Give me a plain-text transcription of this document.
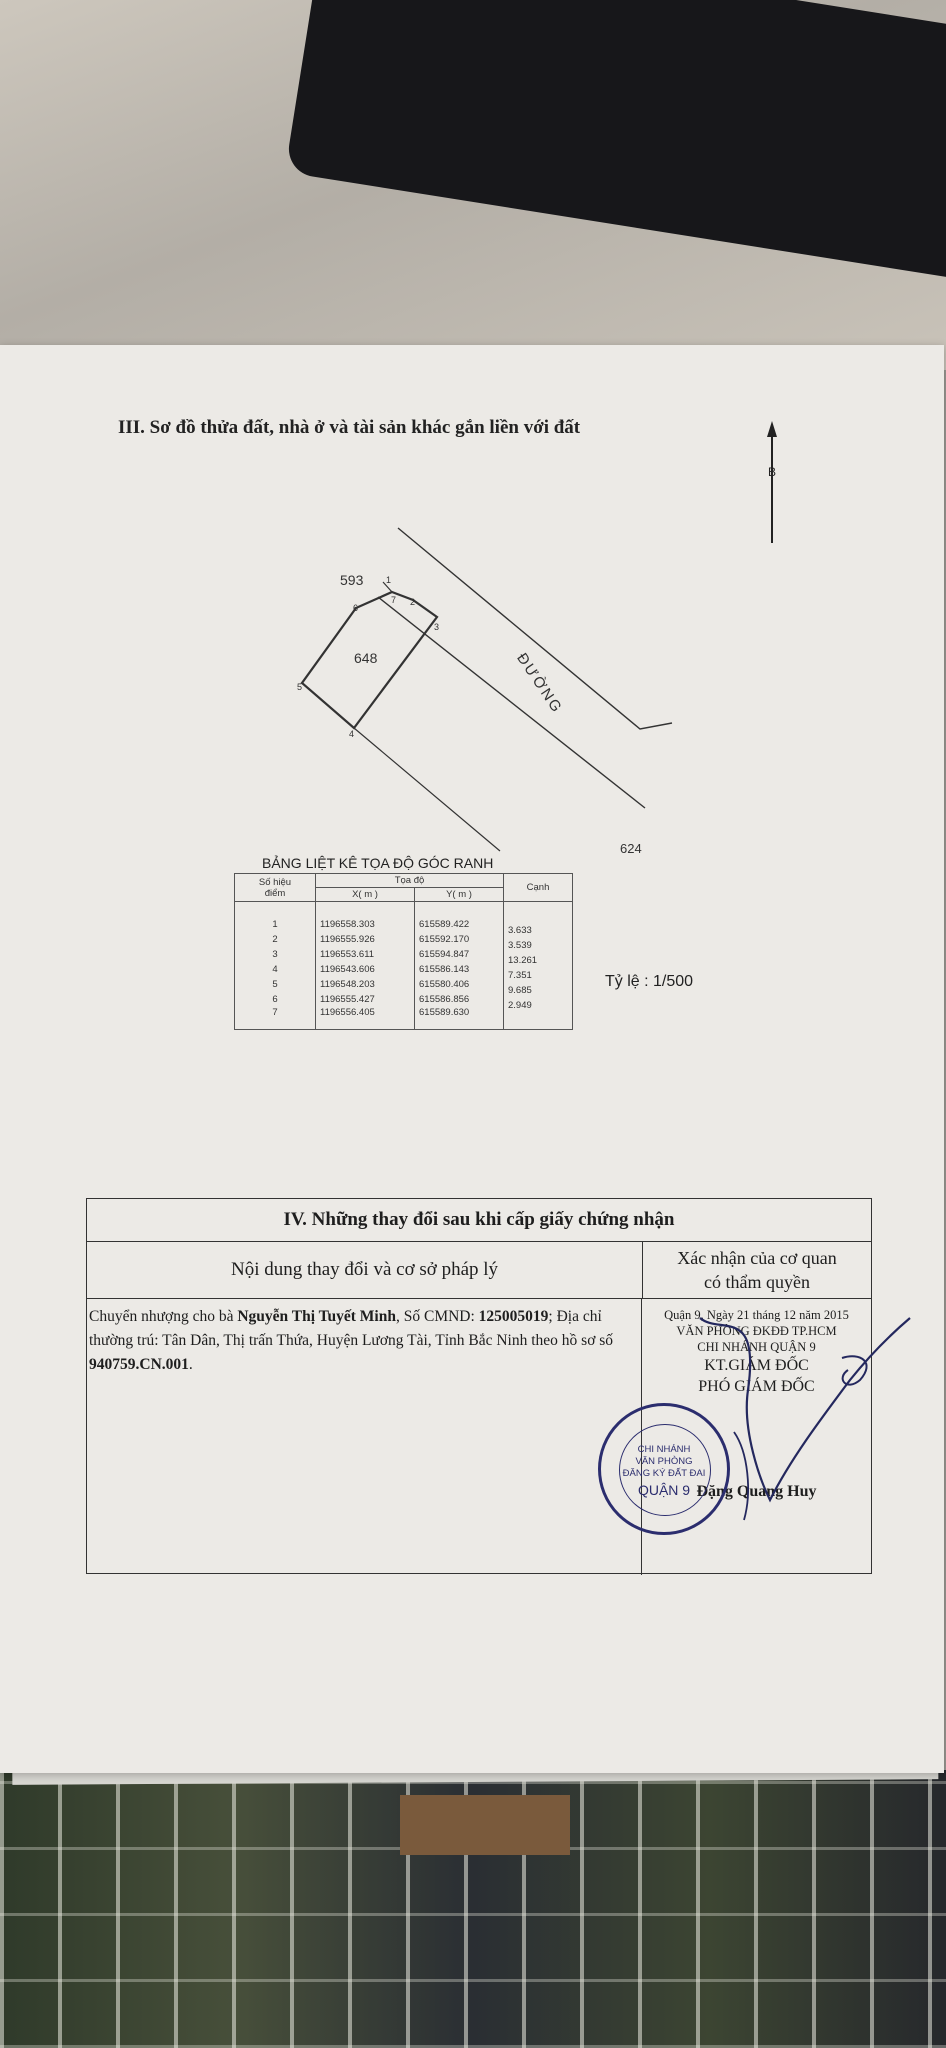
III. Sơ đồ thửa đất, nhà ở và tài sản khác gắn liền với đất
593
648
624
1
2
3
4
5
6
7
B
ĐƯỜNG
BẢNG LIỆT KÊ TỌA ĐỘ GÓC RANH
Số hiệu
điểm	Tọa độ		Cạnh
	X( m )	Y( m )	

1	1196558.303	615589.422	3.633

2	1196555.926	615592.170	3.539

3	1196553.611	615594.847	13.261

4	1196543.606	615586.143	7.351

5	1196548.203	615580.406	9.685

6	1196555.427	615586.856	2.949

7	1196556.405	615589.630	
Tỷ lệ : 1/500
IV. Những thay đổi sau khi cấp giấy chứng nhận
Nội dung thay đổi và cơ sở pháp lý
Xác nhận của cơ quan
có thẩm quyền
Chuyển nhượng cho bà Nguyễn Thị Tuyết Minh, Số CMND: 125005019; Địa chỉ thường trú: Tân Dân, Thị trấn Thứa, Huyện Lương Tài, Tỉnh Bắc Ninh theo hồ sơ số 940759.CN.001.
Quận 9, Ngày 21 tháng 12 năm 2015
VĂN PHÒNG ĐKĐĐ TP.HCM
CHI NHÁNH QUẬN 9
KT.GIÁM ĐỐC
PHÓ GIÁM ĐỐC
Đặng Quang Huy
CHI NHÁNH
VĂN PHÒNG
ĐĂNG KÝ ĐẤT ĐAI
QUẬN 9
